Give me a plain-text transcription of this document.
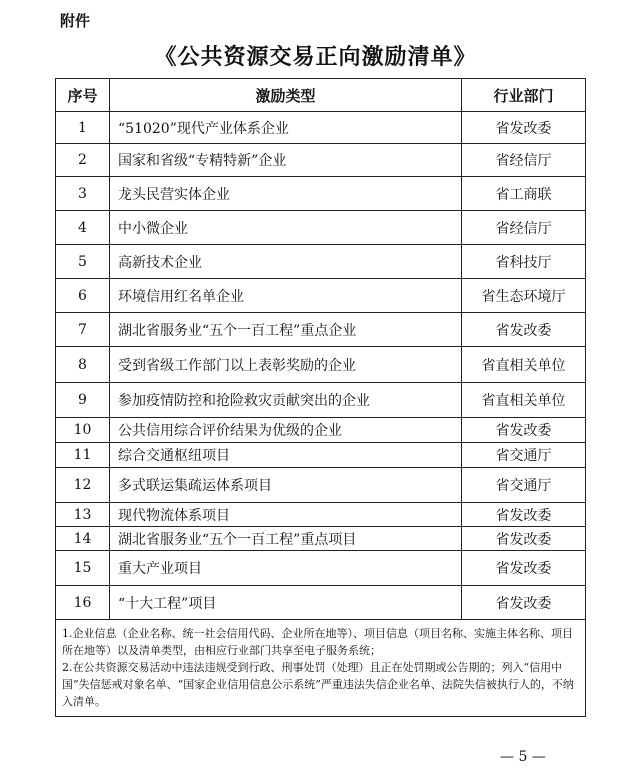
附件
《公共资源交易正向激励清单》
序号	激励类型	行业部门
1	“51020”现代产业体系企业	省发改委
2	国家和省级“专精特新”企业	省经信厅
3	龙头民营实体企业	省工商联
4	中小微企业	省经信厅
5	高新技术企业	省科技厅
6	环境信用红名单企业	省生态环境厅
7	湖北省服务业“五个一百工程”重点企业	省发改委
8	受到省级工作部门以上表彰奖励的企业	省直相关单位
9	参加疫情防控和抢险救灾贡献突出的企业	省直相关单位
10	公共信用综合评价结果为优级的企业	省发改委
11	综合交通枢纽项目	省交通厅
12	多式联运集疏运体系项目	省交通厅
13	现代物流体系项目	省发改委
14	湖北省服务业“五个一百工程”重点项目	省发改委
15	重大产业项目	省发改委
16	“十大工程”项目	省发改委

1.企业信息（企业名称、统一社会信用代码、企业所在地等）、项目信息（项目名称、实施主体名称、项目所在地等）以及清单类型，由相应行业部门共享至电子服务系统；
2.在公共资源交易活动中违法违规受到行政、刑事处罚（处理）且正在处罚期或公告期的；列入“信用中国”失信惩戒对象名单、“国家企业信用信息公示系统”严重违法失信企业名单、法院失信被执行人的，不纳入清单。		
— 5 —
